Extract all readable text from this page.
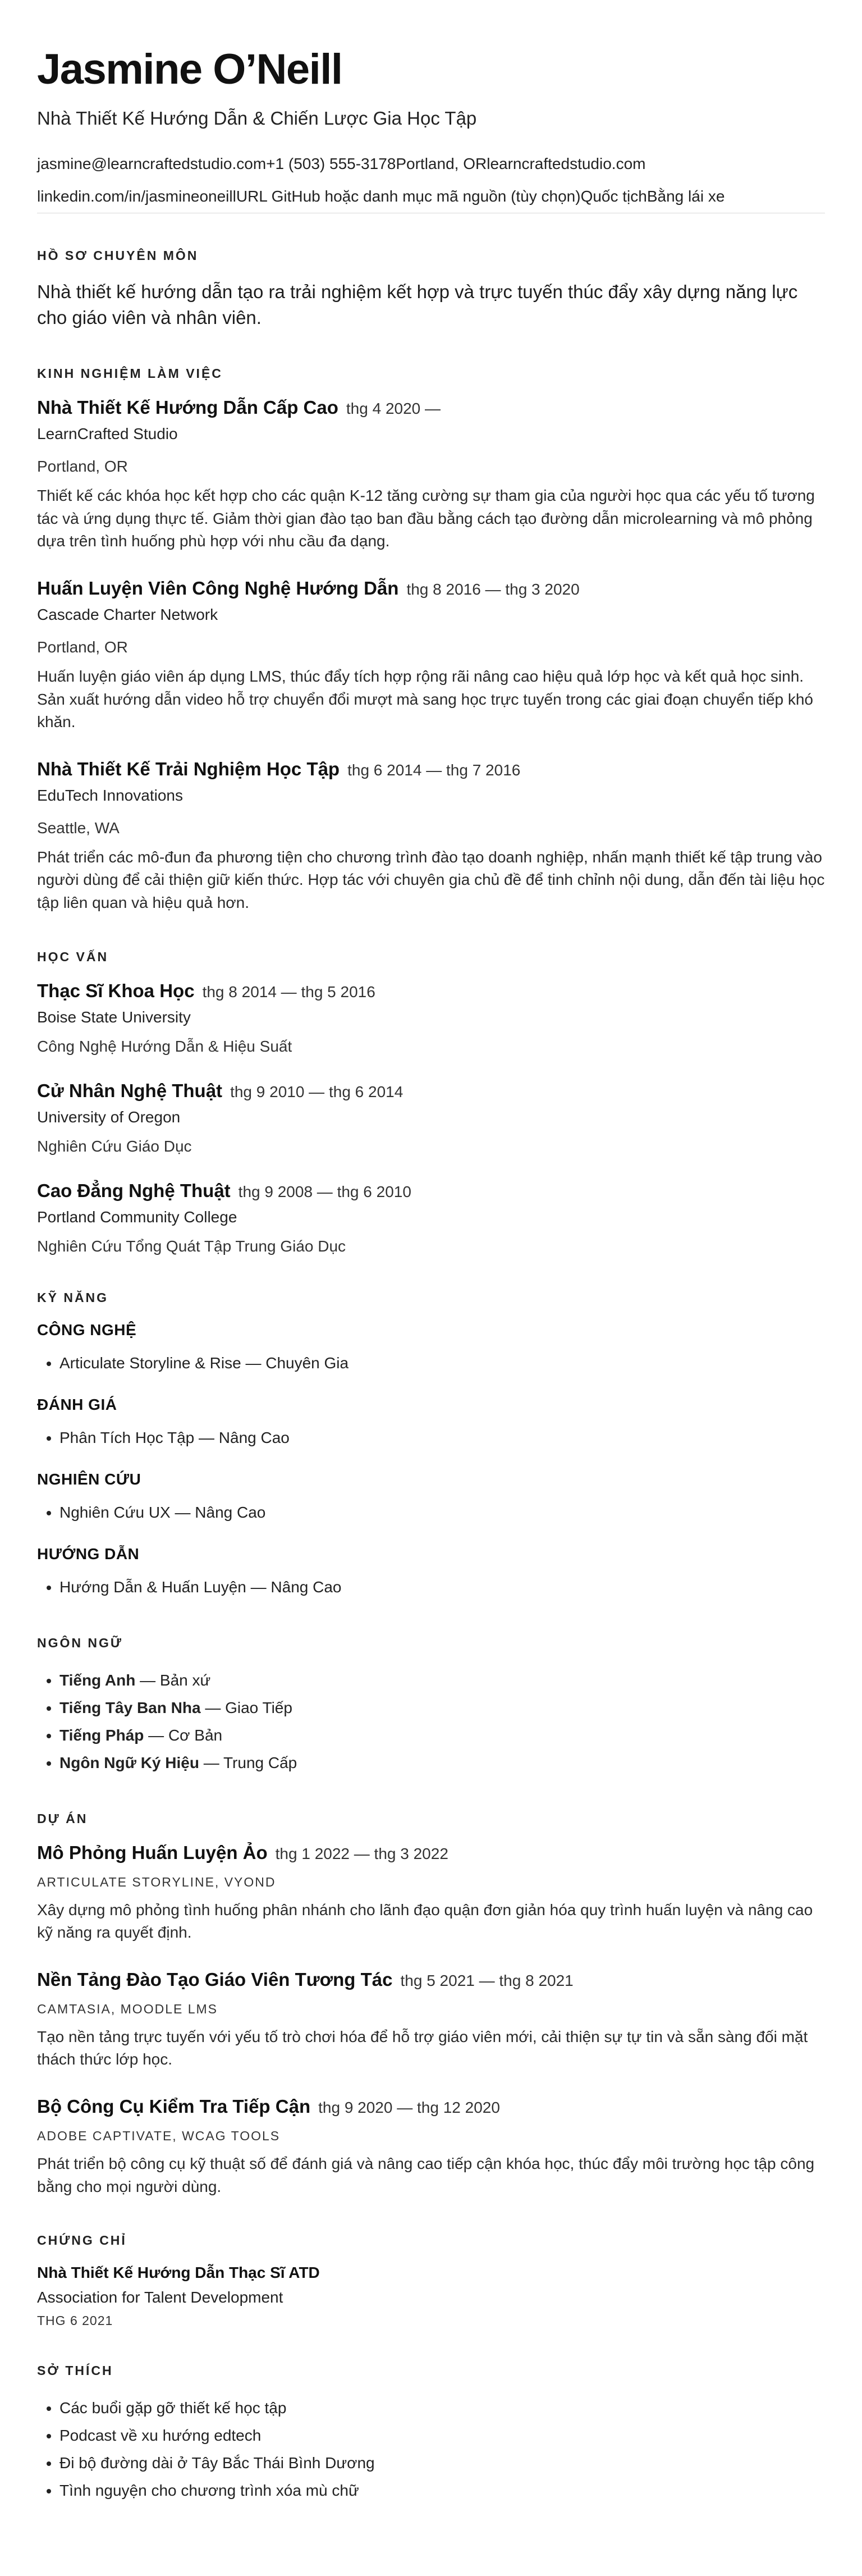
Jasmine O’Neill
Nhà Thiết Kế Hướng Dẫn & Chiến Lược Gia Học Tập
jasmine@learncraftedstudio.com+1 (503) 555-3178Portland, ORlearncraftedstudio.com
linkedin.com/in/jasmineoneillURL GitHub hoặc danh mục mã nguồn (tùy chọn)Quốc tịchBằng lái xe
HỒ SƠ CHUYÊN MÔN

Nhà thiết kế hướng dẫn tạo ra trải nghiệm kết hợp và trực tuyến thúc đẩy xây dựng năng lực cho giáo viên và nhân viên.

KINH NGHIỆM LÀM VIỆC
Nhà Thiết Kế Hướng Dẫn Cấp Cao thg 4 2020 —
LearnCrafted Studio
Portland, OR
Thiết kế các khóa học kết hợp cho các quận K-12 tăng cường sự tham gia của người học qua các yếu tố tương tác và ứng dụng thực tế. Giảm thời gian đào tạo ban đầu bằng cách tạo đường dẫn microlearning và mô phỏng dựa trên tình huống phù hợp với nhu cầu đa dạng.
Huấn Luyện Viên Công Nghệ Hướng Dẫn thg 8 2016 — thg 3 2020
Cascade Charter Network
Portland, OR
Huấn luyện giáo viên áp dụng LMS, thúc đẩy tích hợp rộng rãi nâng cao hiệu quả lớp học và kết quả học sinh. Sản xuất hướng dẫn video hỗ trợ chuyển đổi mượt mà sang học trực tuyến trong các giai đoạn chuyển tiếp khó khăn.
Nhà Thiết Kế Trải Nghiệm Học Tập thg 6 2014 — thg 7 2016
EduTech Innovations
Seattle, WA
Phát triển các mô-đun đa phương tiện cho chương trình đào tạo doanh nghiệp, nhấn mạnh thiết kế tập trung vào người dùng để cải thiện giữ kiến thức. Hợp tác với chuyên gia chủ đề để tinh chỉnh nội dung, dẫn đến tài liệu học tập liên quan và hiệu quả hơn.
HỌC VẤN
Thạc Sĩ Khoa Học thg 8 2014 — thg 5 2016
Boise State University
Công Nghệ Hướng Dẫn & Hiệu Suất
Cử Nhân Nghệ Thuật thg 9 2010 — thg 6 2014
University of Oregon
Nghiên Cứu Giáo Dục
Cao Đẳng Nghệ Thuật thg 9 2008 — thg 6 2010
Portland Community College
Nghiên Cứu Tổng Quát Tập Trung Giáo Dục
KỸ NĂNG
CÔNG NGHỆ
• Articulate Storyline & Rise — Chuyên Gia
ĐÁNH GIÁ
• Phân Tích Học Tập — Nâng Cao
NGHIÊN CỨU
• Nghiên Cứu UX — Nâng Cao
HƯỚNG DẪN
• Hướng Dẫn & Huấn Luyện — Nâng Cao
NGÔN NGỮ
• Tiếng Anh — Bản xứ
• Tiếng Tây Ban Nha — Giao Tiếp
• Tiếng Pháp — Cơ Bản
• Ngôn Ngữ Ký Hiệu — Trung Cấp
DỰ ÁN
Mô Phỏng Huấn Luyện Ảo thg 1 2022 — thg 3 2022
ARTICULATE STORYLINE, VYOND
Xây dựng mô phỏng tình huống phân nhánh cho lãnh đạo quận đơn giản hóa quy trình huấn luyện và nâng cao kỹ năng ra quyết định.
Nền Tảng Đào Tạo Giáo Viên Tương Tác thg 5 2021 — thg 8 2021
CAMTASIA, MOODLE LMS
Tạo nền tảng trực tuyến với yếu tố trò chơi hóa để hỗ trợ giáo viên mới, cải thiện sự tự tin và sẵn sàng đối mặt thách thức lớp học.
Bộ Công Cụ Kiểm Tra Tiếp Cận thg 9 2020 — thg 12 2020
ADOBE CAPTIVATE, WCAG TOOLS
Phát triển bộ công cụ kỹ thuật số để đánh giá và nâng cao tiếp cận khóa học, thúc đẩy môi trường học tập công bằng cho mọi người dùng.
CHỨNG CHỈ
Nhà Thiết Kế Hướng Dẫn Thạc Sĩ ATD
Association for Talent Development
THG 6 2021
SỞ THÍCH
• Các buổi gặp gỡ thiết kế học tập
• Podcast về xu hướng edtech
• Đi bộ đường dài ở Tây Bắc Thái Bình Dương
• Tình nguyện cho chương trình xóa mù chữ
